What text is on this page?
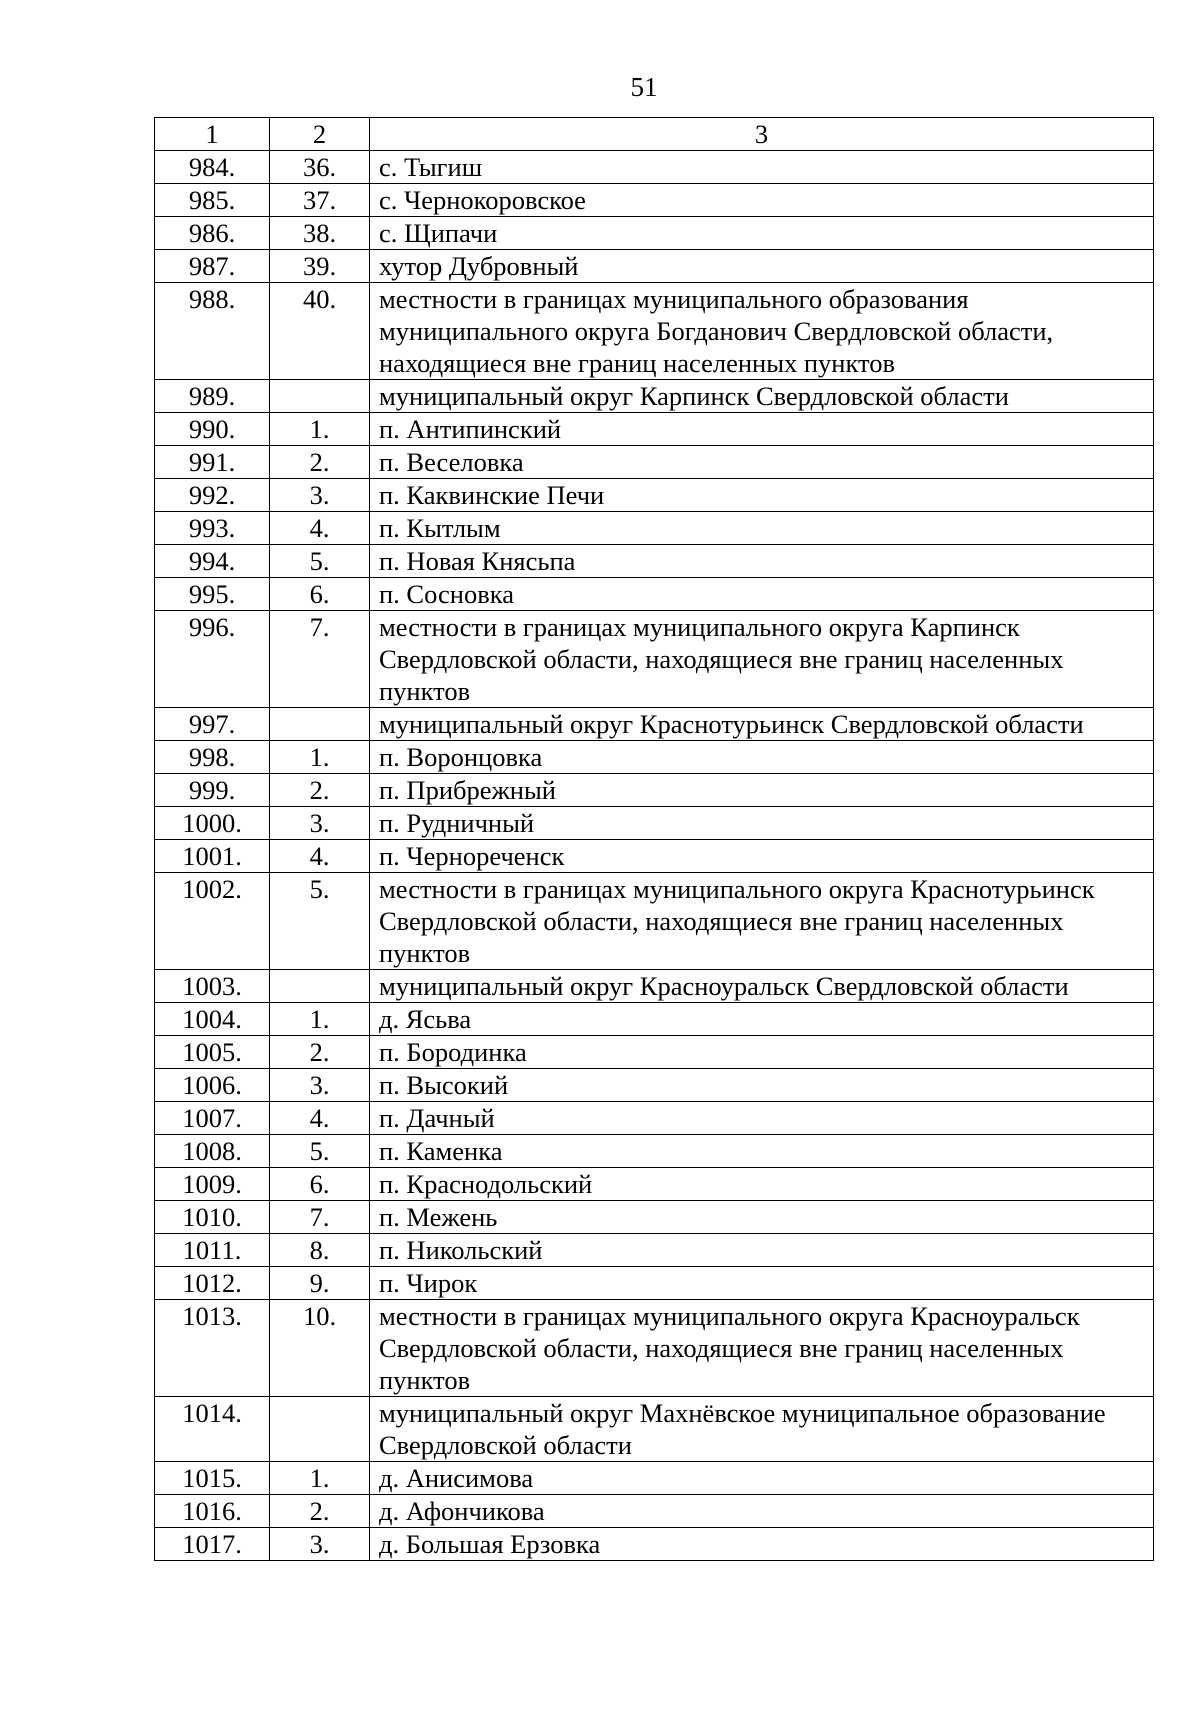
51
1	2	3
984.	36.	с. Тыгиш
985.	37.	с. Чернокоровское
986.	38.	с. Щипачи
987.	39.	хутор Дубровный
988.	40.	местности в границах муниципального образования муниципального округа Богданович Свердловской области, находящиеся вне границ населенных пунктов
989.		муниципальный округ Карпинск Свердловской области
990.	1.	п. Антипинский
991.	2.	п. Веселовка
992.	3.	п. Каквинские Печи
993.	4.	п. Кытлым
994.	5.	п. Новая Княсьпа
995.	6.	п. Сосновка
996.	7.	местности в границах муниципального округа Карпинск Свердловской области, находящиеся вне границ населенных пунктов
997.		муниципальный округ Краснотурьинск Свердловской области
998.	1.	п. Воронцовка
999.	2.	п. Прибрежный
1000.	3.	п. Рудничный
1001.	4.	п. Чернореченск
1002.	5.	местности в границах муниципального округа Краснотурьинск Свердловской области, находящиеся вне границ населенных пунктов
1003.		муниципальный округ Красноуральск Свердловской области
1004.	1.	д. Ясьва
1005.	2.	п. Бородинка
1006.	3.	п. Высокий
1007.	4.	п. Дачный
1008.	5.	п. Каменка
1009.	6.	п. Краснодольский
1010.	7.	п. Межень
1011.	8.	п. Никольский
1012.	9.	п. Чирок
1013.	10.	местности в границах муниципального округа Красноуральск Свердловской области, находящиеся вне границ населенных пунктов
1014.		муниципальный округ Махнёвское муниципальное образование Свердловской области
1015.	1.	д. Анисимова
1016.	2.	д. Афончикова
1017.	3.	д. Большая Ерзовка
